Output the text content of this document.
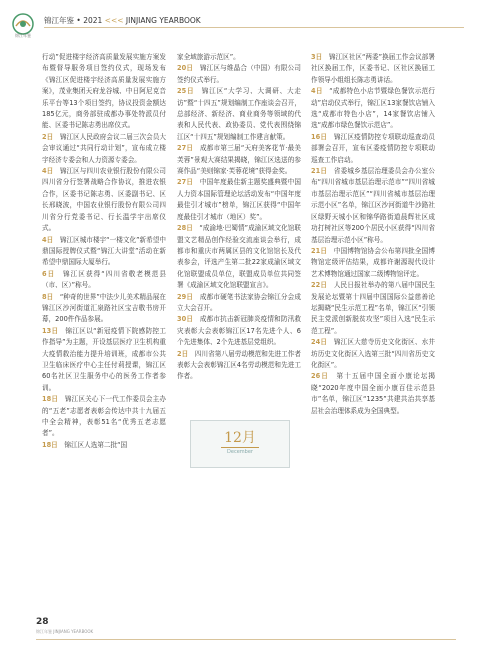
锦江年鉴
锦江年鉴 • 2021 <<< JINJIANG YEARBOOK

行动”促进楼宇经济高质量发展实施方案发布暨督导服务项目签约仪式，现场发布《锦江区促进楼宇经济高质量发展实施方案》，茂业集团天府龙谷城、中日阿尼克音乐平台等13个项目签约，协议投资金额达185亿元，商务部驻成都办事处特派员付能、区委书记陈志勇出席仪式。

2日  锦江区人民政府会议二届三次会员大会审议通过“共同行动计划”，宣布成立楼宇经济专委会和人力资源专委会。

4日  锦江区与四川农业银行股份有限公司四川省分行签署战略合作协议，推进农银合作，区委书记陈志勇、区委副书记、区长邢晓波，中国农业银行股份有限公司四川省分行党委书记、行长温学宇出席仪式。

4日  锦江区城市楼宇“一楼文化”新希望中鼎国际授牌仪式暨“锦江大讲堂”活动在新希望中鼎国际大厦举行。

6日  锦江区获得“四川省敬老模范县（市、区）”称号。

8日  “种奇的世界”中法少儿美术精品展在锦江区沙河街道汇泉路社区宝吉敬书房开幕，200件作品参展。

13日  锦江区以“新冠疫情下院感防控工作指导”为主题，开设基层医疗卫生机构重大疫情救治能力提升培训班，成都市公共卫生临床医疗中心主任付莉授课，锦江区60名社区卫生服务中心的医务工作者参训。

18日  锦江区关心下一代工作委员会主办的“五老”志愿者表彰会传达中共十九届五中全会精神，表彰51名“优秀五老志愿者”。

18日  锦江区人选第二批“国

家全域旅游示范区”。

20日  锦江区与维晶合（中国）有限公司签约仪式举行。

25日  锦江区“大学习、大调研、大走访”暨“十四五”规划编制工作座谈会召开，总部经济、新经济、商业商务等领域的代表和人民代表、政协委员、党代表围绕锦江区“十四五”规划编制工作建言献策。

27日  成都市第三届“天府美客花节·最美芙蓉”景观大赛结果揭晓，锦江区选送的参赛作品“美则锦家·芙蓉花境”获得金奖。

27日  中国年度最佳新主题奖盛典暨中国人力资本国际管理论坛活动发布“中国年度最佳引才城市”榜单，锦江区获得“中国年度最佳引才城市（地区）奖”。

28日  “成渝地·巴蜀情”成渝区域文化馆联盟文艺精品创作经验交流座谈会举行，成都市和重庆市两属区县的文化馆馆长及代表参会，评选产生第二批22家成渝区域文化馆联盟成员单位，联盟成员单位共同签署《成渝区域文化馆联盟宣言》。

29日  成都市硬笔书法家协会锦江分会成立大会召开。

30日  成都市抗击新冠肺炎疫情和防汛救灾表彰大会表彰锦江区17名先进个人、6个先进集体、2个先进基层党组织。

2日  四川省第八届劳动模范和先进工作者表彰大会表彰锦江区4名劳动模范和先进工作者。

3日  锦江区社区“两委”换届工作会议部署社区换届工作，区委书记、区社区换届工作领导小组组长陈志勇讲话。

4日  “成都特色小店节暨绿色餐饮示范行动”启动仪式举行，锦江区13家餐饮店铺入选“成都市特色小店”，14家餐饮店铺入选“成都市绿色餐饮示范店”。

16日  锦江区疫情防控专项联动巡查动员部署会召开，宣布区委疫情防控专项联动巡查工作启动。

21日  省委城乡基层治理委员会办公室公布“四川省城市基层治理示范市”“四川省城市基层治理示范区”“四川省城市基层治理示范小区”名单，锦江区沙河街道牛沙路社区绿野天城小区和锦华路街道晨辉社区成功打树社区等200个居民小区获得“四川省基层治理示范小区”称号。

21日  中国博物馆协会公布第四批全国博物馆定级评估结果，成都许谢源现代设计艺术博物馆通过国家二级博物馆评定。

22日  人民日报社举办的第八届中国民生发展论坛暨第十四届中国国际公益慈善论坛揭晓“民生示范工程”名单，锦江区“引领民主党派创新脱贫攻坚”项目入选“民生示范工程”。

24日  锦江区大慈寺历史文化街区、水井坊历史文化街区入选第三批“四川省历史文化街区”。

26日  第十五届中国全面小康论坛揭晓“2020年度中国全面小康百佳示范县市”名单，锦江区“1235”共建共治共享基层社会治理体系成为全国典型。

12月
December
28
锦江年鉴 JINJIANG YEARBOOK
